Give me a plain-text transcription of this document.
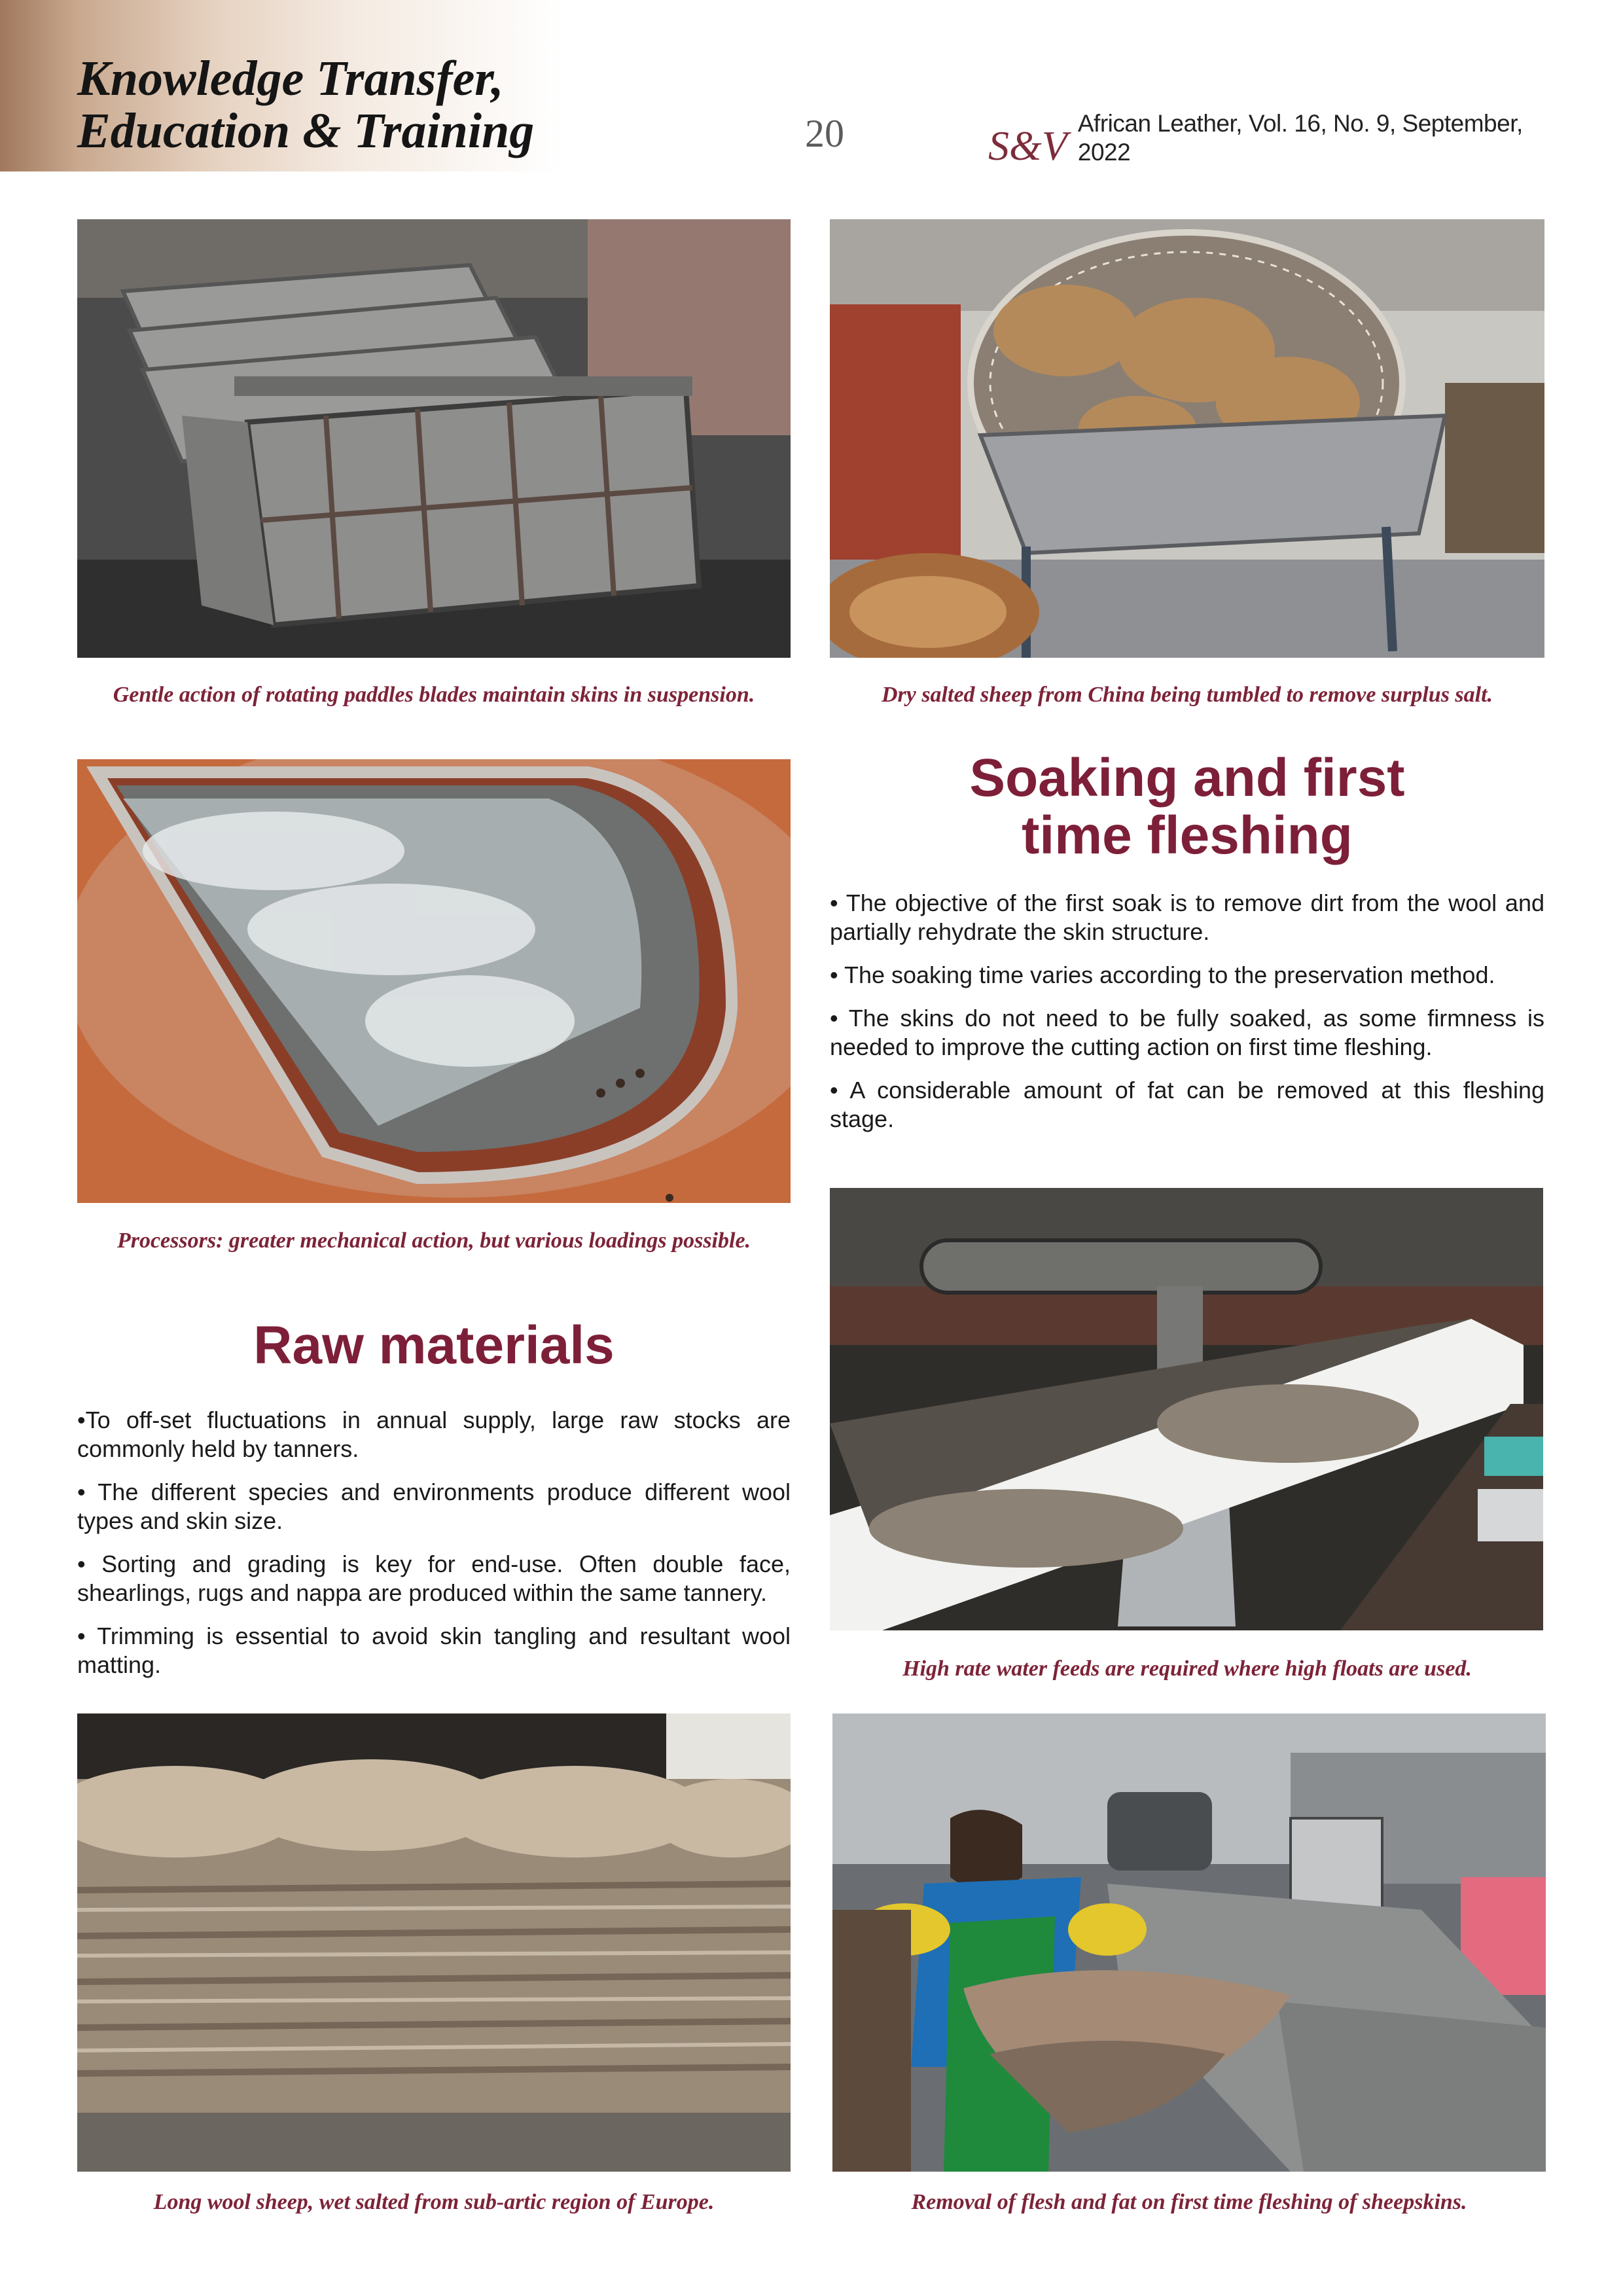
Knowledge Transfer,
Education & Training	20	S&V African Leather, Vol. 16, No. 9, September, 2022
Gentle action of rotating paddles blades maintain skins in suspension.	Dry salted sheep from China being tumbled to remove surplus salt.
Processors: greater mechanical action, but various loadings possible.
Soaking and first
time fleshing
• The objective of the first soak is to remove dirt from the wool and partially rehydrate the skin structure.
• The soaking time varies according to the preservation method.
• The skins do not need to be fully soaked, as some firmness is needed to improve the cutting action on first time fleshing.
• A considerable amount of fat can be removed at this fleshing stage.
High rate water feeds are required where high floats are used.
Raw materials
•To off-set fluctuations in annual supply, large raw stocks are commonly held by tanners.
• The different species and environments produce different wool types and skin size.
• Sorting and grading is key for end-use. Often double face, shearlings, rugs and nappa are produced within the same tannery.
• Trimming is essential to avoid skin tangling and resultant wool matting.
Long wool sheep, wet salted from sub-artic region of Europe.	Removal of flesh and fat on first time fleshing of sheepskins.
